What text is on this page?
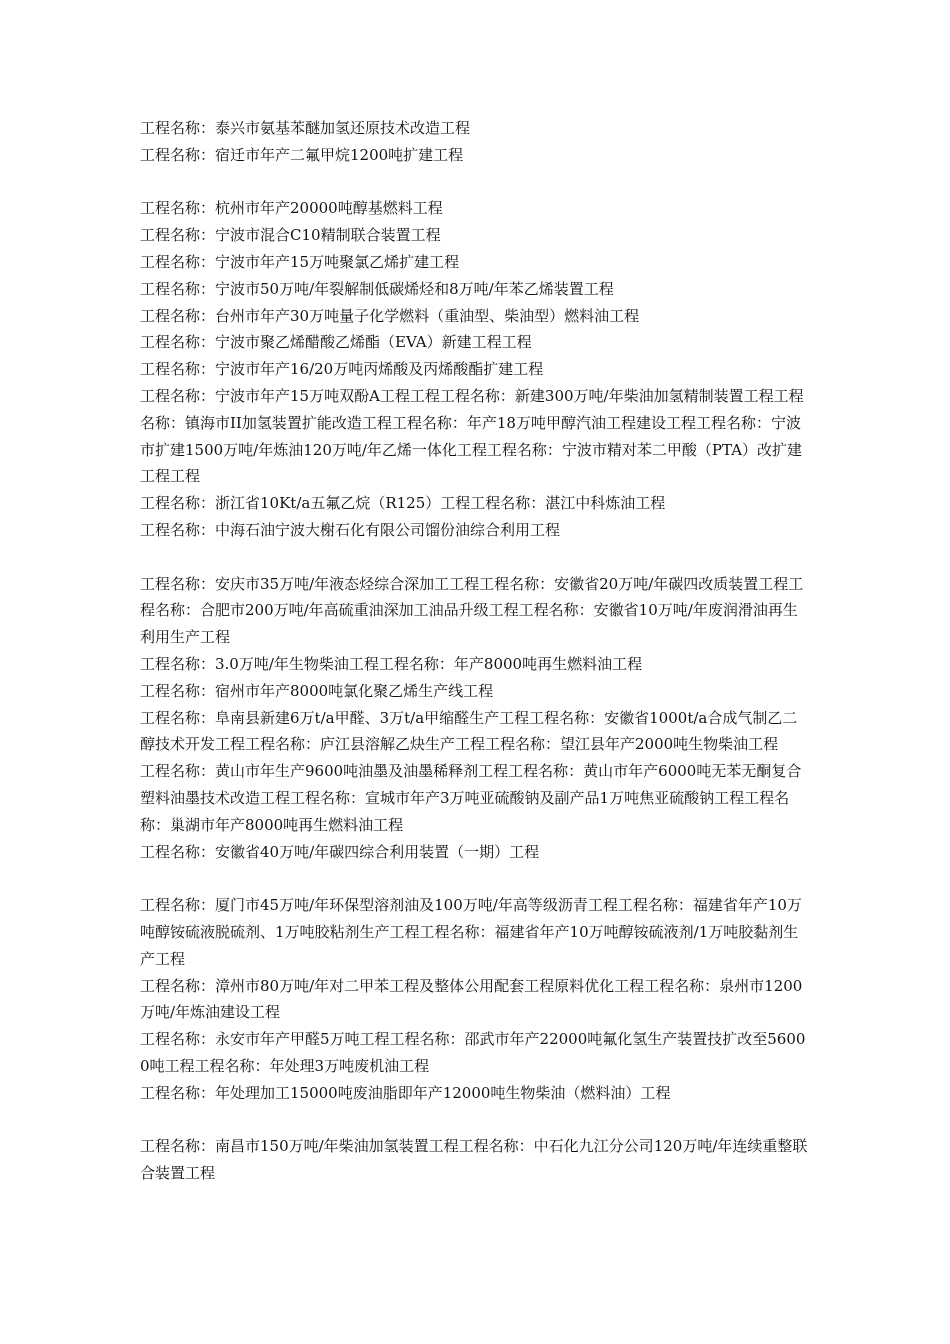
工程名称：泰兴市氨基苯醚加氢还原技术改造工程

工程名称：宿迁市年产二氟甲烷1200吨扩建工程

工程名称：杭州市年产20000吨醇基燃料工程

工程名称：宁波市混合C10精制联合装置工程

工程名称：宁波市年产15万吨聚氯乙烯扩建工程

工程名称：宁波市50万吨/年裂解制低碳烯烃和8万吨/年苯乙烯装置工程

工程名称：台州市年产30万吨量子化学燃料（重油型、柴油型）燃料油工程

工程名称：宁波市聚乙烯醋酸乙烯酯（EVA）新建工程工程

工程名称：宁波市年产16/20万吨丙烯酸及丙烯酸酯扩建工程

工程名称：宁波市年产15万吨双酚A工程工程工程名称：新建300万吨/年柴油加氢精制装置工程工程名称：镇海市II加氢装置扩能改造工程工程名称：年产18万吨甲醇汽油工程建设工程工程名称：宁波市扩建1500万吨/年炼油120万吨/年乙烯一体化工程工程名称：宁波市精对苯二甲酸（PTA）改扩建工程工程

工程名称：浙江省10Kt/a五氟乙烷（R125）工程工程名称：湛江中科炼油工程

工程名称：中海石油宁波大榭石化有限公司馏份油综合利用工程

工程名称：安庆市35万吨/年液态烃综合深加工工程工程名称：安徽省20万吨/年碳四改质装置工程工程名称：合肥市200万吨/年高硫重油深加工油品升级工程工程名称：安徽省10万吨/年废润滑油再生利用生产工程

工程名称：3.0万吨/年生物柴油工程工程名称：年产8000吨再生燃料油工程

工程名称：宿州市年产8000吨氯化聚乙烯生产线工程

工程名称：阜南县新建6万t/a甲醛、3万t/a甲缩醛生产工程工程名称：安徽省1000t/a合成气制乙二醇技术开发工程工程名称：庐江县溶解乙炔生产工程工程名称：望江县年产2000吨生物柴油工程

工程名称：黄山市年生产9600吨油墨及油墨稀释剂工程工程名称：黄山市年产6000吨无苯无酮复合塑料油墨技术改造工程工程名称：宣城市年产3万吨亚硫酸钠及副产品1万吨焦亚硫酸钠工程工程名称：巢湖市年产8000吨再生燃料油工程

工程名称：安徽省40万吨/年碳四综合利用装置（一期）工程

工程名称：厦门市45万吨/年环保型溶剂油及100万吨/年高等级沥青工程工程名称：福建省年产10万吨醇铵硫液脱硫剂、1万吨胶粘剂生产工程工程名称：福建省年产10万吨醇铵硫液剂/1万吨胶黏剂生产工程

工程名称：漳州市80万吨/年对二甲苯工程及整体公用配套工程原料优化工程工程名称：泉州市1200万吨/年炼油建设工程

工程名称：永安市年产甲醛5万吨工程工程名称：邵武市年产22000吨氟化氢生产装置技扩改至56000吨工程工程名称：年处理3万吨废机油工程

工程名称：年处理加工15000吨废油脂即年产12000吨生物柴油（燃料油）工程

工程名称：南昌市150万吨/年柴油加氢装置工程工程名称：中石化九江分公司120万吨/年连续重整联合装置工程
